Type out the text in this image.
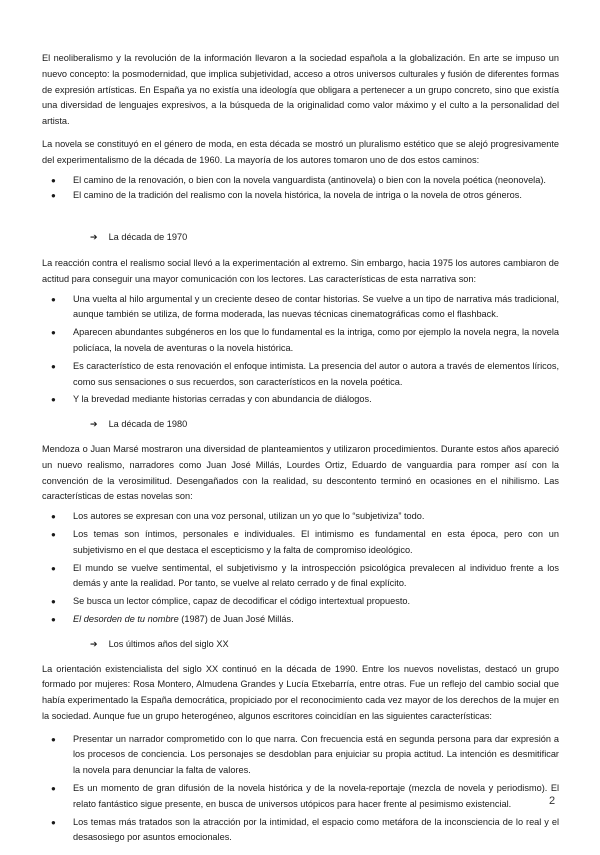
El neoliberalismo y la revolución de la información llevaron a la sociedad española a la globalización. En arte se impuso un nuevo concepto: la posmodernidad, que implica subjetividad, acceso a otros universos culturales y fusión de diferentes formas de expresión artísticas. En España ya no existía una ideología que obligara a pertenecer a un grupo concreto, sino que existía una diversidad de lenguajes expresivos, a la búsqueda de la originalidad como valor máximo y el culto a la personalidad del artista.

La novela se constituyó en el género de moda, en esta década se mostró un pluralismo estético que se alejó progresivamente del experimentalismo de la década de 1960. La mayoría de los autores tomaron uno de dos estos caminos:

● El camino de la renovación, o bien con la novela vanguardista (antinovela) o bien con la novela poética (neonovela).
● El camino de la tradición del realismo con la novela histórica, la novela de intriga o la novela de otros géneros.
➔ La década de 1970

La reacción contra el realismo social llevó a la experimentación al extremo. Sin embargo, hacia 1975 los autores cambiaron de actitud para conseguir una mayor comunicación con los lectores. Las características de esta narrativa son:

● Una vuelta al hilo argumental y un creciente deseo de contar historias. Se vuelve a un tipo de narrativa más tradicional, aunque también se utiliza, de forma moderada, las nuevas técnicas cinematográficas como el flashback.
● Aparecen abundantes subgéneros en los que lo fundamental es la intriga, como por ejemplo la novela negra, la novela policíaca, la novela de aventuras o la novela histórica.
● Es característico de esta renovación el enfoque intimista. La presencia del autor o autora a través de elementos líricos, como sus sensaciones o sus recuerdos, son característicos en la novela poética.
● Y la brevedad mediante historias cerradas y con abundancia de diálogos.
➔ La década de 1980

Mendoza o Juan Marsé mostraron una diversidad de planteamientos y utilizaron procedimientos. Durante estos años apareció un nuevo realismo, narradores como Juan José Millás, Lourdes Ortiz, Eduardo de vanguardia para romper así con la convención de la verosimilitud. Desengañados con la realidad, su descontento terminó en ocasiones en el nihilismo. Las características de estas novelas son:

● Los autores se expresan con una voz personal, utilizan un yo que lo “subjetiviza” todo.
● Los temas son íntimos, personales e individuales. El intimismo es fundamental en esta época, pero con un subjetivismo en el que destaca el escepticismo y la falta de compromiso ideológico.
● El mundo se vuelve sentimental, el subjetivismo y la introspección psicológica prevalecen al individuo frente a los demás y ante la realidad. Por tanto, se vuelve al relato cerrado y de final explícito.
● Se busca un lector cómplice, capaz de decodificar el código intertextual propuesto.
● El desorden de tu nombre (1987) de Juan José Millás.
➔ Los últimos años del siglo XX

La orientación existencialista del siglo XX continuó en la década de 1990. Entre los nuevos novelistas, destacó un grupo formado por mujeres: Rosa Montero, Almudena Grandes y Lucía Etxebarría, entre otras. Fue un reflejo del cambio social que había experimentado la España democrática, propiciado por el reconocimiento cada vez mayor de los derechos de la mujer en la sociedad. Aunque fue un grupo heterogéneo, algunos escritores coincidían en las siguientes características:

● Presentar un narrador comprometido con lo que narra. Con frecuencia está en segunda persona para dar expresión a los procesos de conciencia. Los personajes se desdoblan para enjuiciar su propia actitud. La intención es desmitificar la novela para denunciar la falta de valores.
● Es un momento de gran difusión de la novela histórica y de la novela-reportaje (mezcla de novela y periodismo). El relato fantástico sigue presente, en busca de universos utópicos para hacer frente al pesimismo existencial.
● Los temas más tratados son la atracción por la intimidad, el espacio como metáfora de la inconsciencia de lo real y el desasosiego por asuntos emocionales.
2
